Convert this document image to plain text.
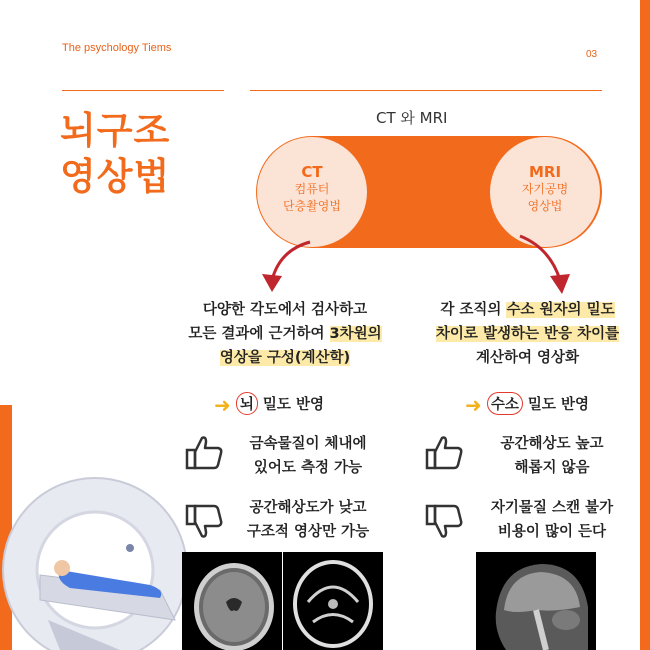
The psychology Tiems
03
뇌구조
영상법
CT 와 MRI
CT
컴퓨터
단층촬영법
MRI
자기공명
영상법
다양한 각도에서 검사하고
모든 결과에 근거하여 3차원의
영상을 구성(계산학)
각 조직의 수소 원자의 밀도
차이로 발생하는 반응 차이를
계산하여 영상화
➜ 뇌 밀도 반영	➜ 수소 밀도 반영
금속물질이 체내에
있어도 측정 가능
공간해상도가 낮고
구조적 영상만 가능
공간해상도 높고
해롭지 않음
자기물질 스캔 불가
비용이 많이 든다
